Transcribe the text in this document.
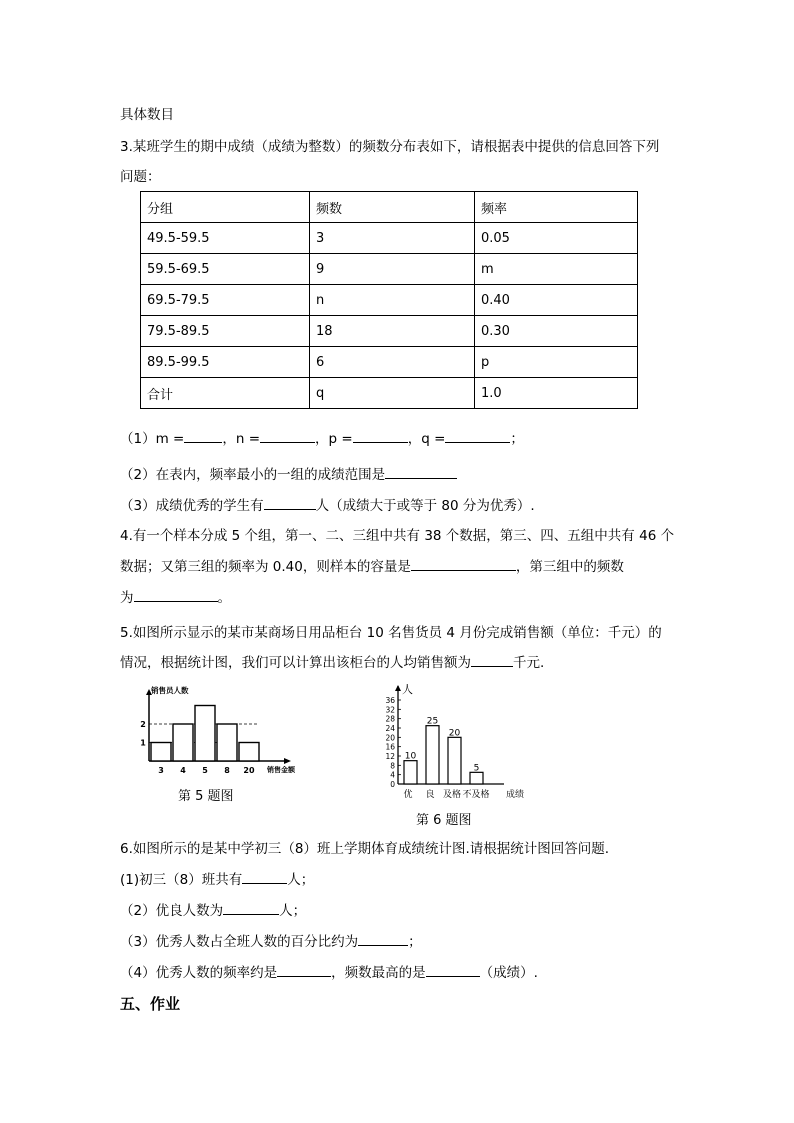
具体数目
3.某班学生的期中成绩（成绩为整数）的频数分布表如下，请根据表中提供的信息回答下列
问题：
分组	频数	频率
49.5-59.5	3	0.05
59.5-69.5	9	m
69.5-79.5	n	0.40
79.5-89.5	18	0.30
89.5-99.5	6	p
合计	q	1.0
（1）m =	，n =	，p =	，q =	；
（2）在表内，频率最小的一组的成绩范围是
（3）成绩优秀的学生有	人（成绩大于或等于 80 分为优秀）.
4.有一个样本分成 5 个组，第一、二、三组中共有 38 个数据，第三、四、五组中共有 46 个
数据；又第三组的频率为 0.40，则样本的容量是	，第三组中的频数
为	。
5.如图所示显示的某市某商场日用品柜台 10 名售货员 4 月份完成销售额（单位：千元）的
情况，根据统计图，我们可以计算出该柜台的人均销售额为	千元.
销售员人数
销售金额
1
2
3 4 5 8 20
第 5 题图
人
0
4
8
12
16
20
24
28
32
36
10
25
20
5
优 良 及格 不及格 成绩
第 6 题图
6.如图所示的是某中学初三（8）班上学期体育成绩统计图.请根据统计图回答问题.
(1)初三（8）班共有	人；
（2）优良人数为	人；
（3）优秀人数占全班人数的百分比约为	；
（4）优秀人数的频率约是	，频数最高的是	（成绩）.
五、作业
